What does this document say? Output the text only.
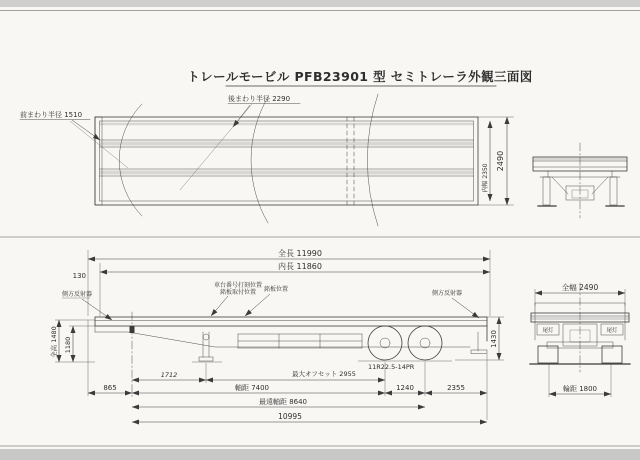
トレールモービル PFB23901 型 セミトレーラ外観三面図
前まわり半径 1510
後まわり半径 2290
2490
内幅 2350
全長 11990
内長 11860
130
車台番号打刻位置
銘板取付位置 銘板位置
側方反射器	側方反射器
11R22.5-14PR
全高 1480 1180	1430
1712	最大オフセット 2955
865	軸距 7400	1240	2355
最遠軸距 8640
10995
全幅 2490
尾灯	尾灯
輪距 1800
